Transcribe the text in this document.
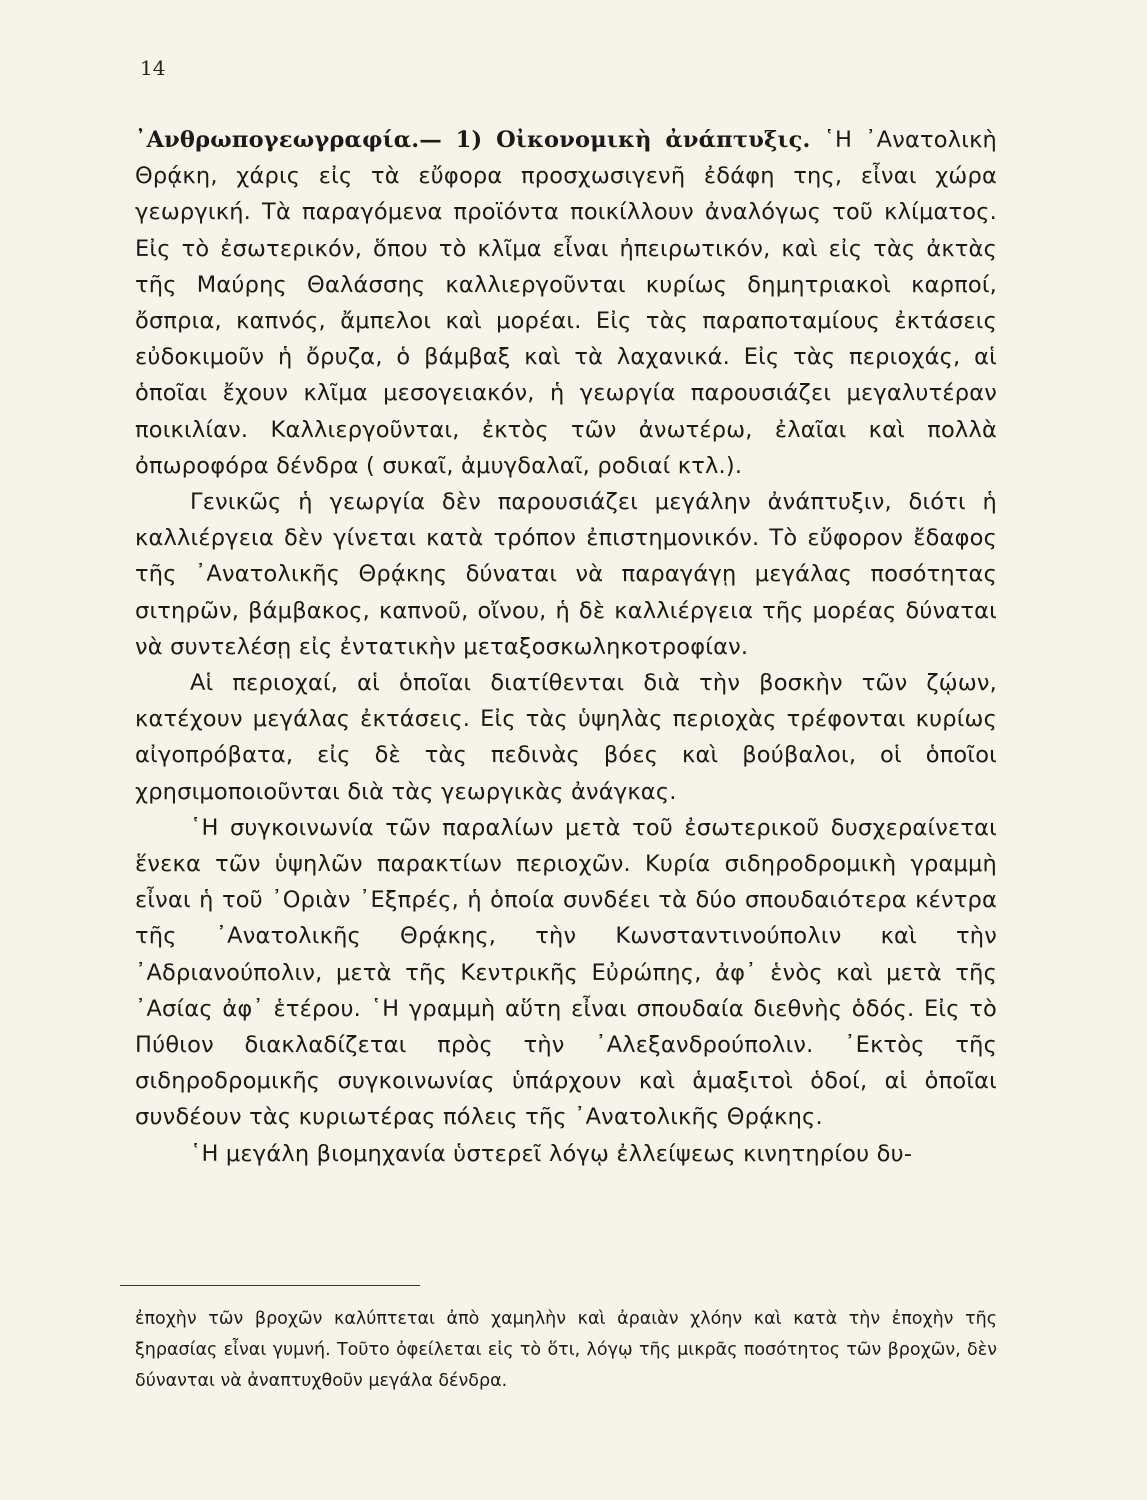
14

᾿Ανθρωπογεωγραφία.— 1) Οἰκονομικὴ ἀνάπτυξις. ῾Η ᾿Ανατολικὴ Θρᾴκη, χάρις εἰς τὰ εὔφορα προσχωσιγενῆ ἐδάφη της, εἶναι χώρα γεωργική. Τὰ παραγόμενα προϊόντα ποικίλλουν ἀναλόγως τοῦ κλίματος. Εἰς τὸ ἐσωτερικόν, ὅπου τὸ κλῖμα εἶναι ἠπειρωτικόν, καὶ εἰς τὰς ἀκτὰς τῆς Μαύρης Θαλάσσης καλλιεργοῦνται κυρίως δημητριακοὶ καρποί, ὄσπρια, καπνός, ἄμπελοι καὶ μορέαι. Εἰς τὰς παραποταμίους ἐκτάσεις εὐδοκιμοῦν ἡ ὄρυζα, ὁ βάμβαξ καὶ τὰ λαχανικά. Εἰς τὰς περιοχάς, αἱ ὁποῖαι ἔχουν κλῖμα μεσογειακόν, ἡ γεωργία παρουσιάζει μεγαλυτέραν ποικιλίαν. Καλλιεργοῦνται, ἐκτὸς τῶν ἀνωτέρω, ἐλαῖαι καὶ πολλὰ ὀπωροφόρα δένδρα ( συκαῖ, ἀμυγδαλαῖ, ροδιαί κτλ.).

Γενικῶς ἡ γεωργία δὲν παρουσιάζει μεγάλην ἀνάπτυξιν, διότι ἡ καλλιέργεια δὲν γίνεται κατὰ τρόπον ἐπιστημονικόν. Τὸ εὔφορον ἔδαφος τῆς ᾿Ανατολικῆς Θρᾴκης δύναται νὰ παραγάγῃ μεγάλας ποσότητας σιτηρῶν, βάμβακος, καπνοῦ, οἴνου, ἡ δὲ καλλιέργεια τῆς μορέας δύναται νὰ συντελέσῃ εἰς ἐντατικὴν μεταξοσκωληκοτροφίαν.

Αἱ περιοχαί, αἱ ὁποῖαι διατίθενται διὰ τὴν βοσκὴν τῶν ζῴων, κατέχουν μεγάλας ἐκτάσεις. Εἰς τὰς ὑψηλὰς περιοχὰς τρέφονται κυρίως αἰγοπρόβατα, εἰς δὲ τὰς πεδινὰς βόες καὶ βούβαλοι, οἱ ὁποῖοι χρησιμοποιοῦνται διὰ τὰς γεωργικὰς ἀνάγκας.

῾Η συγκοινωνία τῶν παραλίων μετὰ τοῦ ἐσωτερικοῦ δυσχεραίνεται ἕνεκα τῶν ὑψηλῶν παρακτίων περιοχῶν. Κυρία σιδηροδρομικὴ γραμμὴ εἶναι ἡ τοῦ ᾿Οριὰν ᾿Εξπρές, ἡ ὁποία συνδέει τὰ δύο σπουδαιότερα κέντρα τῆς ᾿Ανατολικῆς Θρᾴκης, τὴν Κωνσταντινούπολιν καὶ τὴν ᾿Αδριανούπολιν, μετὰ τῆς Κεντρικῆς Εὐρώπης, ἀφ᾿ ἑνὸς καὶ μετὰ τῆς ᾿Ασίας ἀφ᾿ ἑτέρου. ῾Η γραμμὴ αὕτη εἶναι σπουδαία διεθνὴς ὁδός. Εἰς τὸ Πύθιον διακλαδίζεται πρὸς τὴν ᾿Αλεξανδρούπολιν. ᾿Εκτὸς τῆς σιδηροδρομικῆς συγκοινωνίας ὑπάρχουν καὶ ἁμαξιτοὶ ὁδοί, αἱ ὁποῖαι συνδέουν τὰς κυριωτέρας πόλεις τῆς ᾿Ανατολικῆς Θρᾴκης.

῾Η μεγάλη βιομηχανία ὑστερεῖ λόγῳ ἐλλείψεως κινητηρίου δυ-

ἐποχὴν τῶν βροχῶν καλύπτεται ἀπὸ χαμηλὴν καὶ ἀραιὰν χλόην καὶ κατὰ τὴν ἐποχὴν τῆς ξηρασίας εἶναι γυμνή. Τοῦτο ὀφείλεται εἰς τὸ ὅτι, λόγῳ τῆς μικρᾶς ποσότητος τῶν βροχῶν, δὲν δύνανται νὰ ἀναπτυχθοῦν μεγάλα δένδρα.
